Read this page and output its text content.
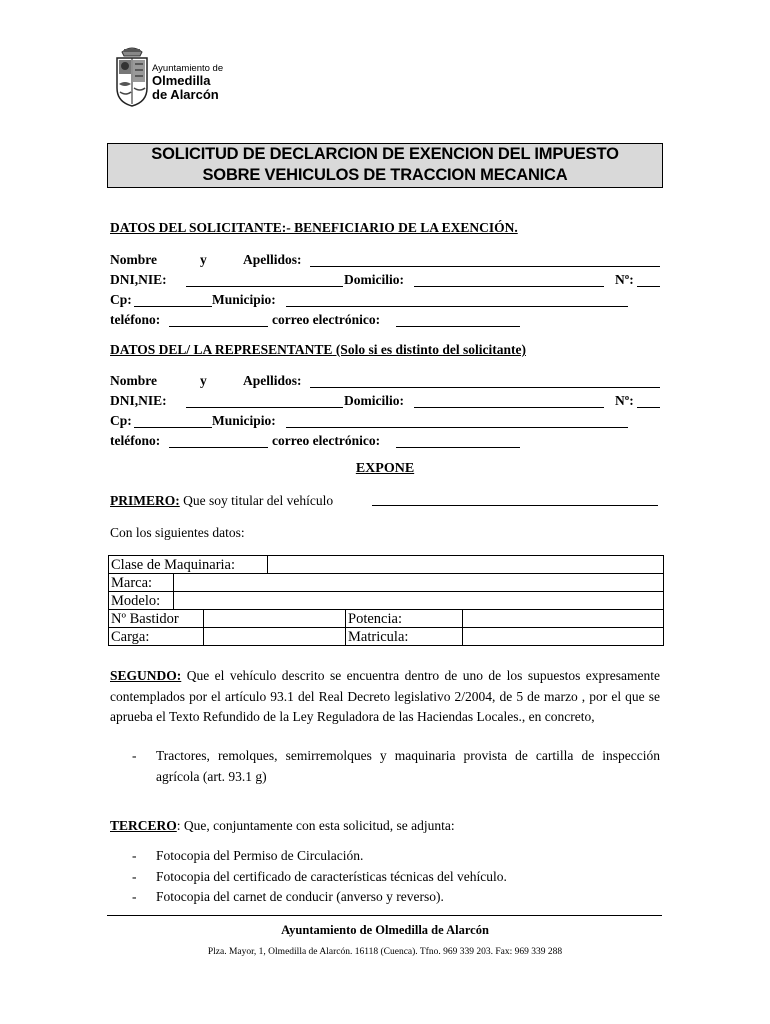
Ayuntamiento de
Olmedilla
de Alarcón
SOLICITUD DE DECLARCION DE EXENCION DEL IMPUESTO
SOBRE VEHICULOS DE TRACCION MECANICA
DATOS DEL SOLICITANTE:- BENEFICIARIO DE LA EXENCIÓN.
Nombre	y	Apellidos:
DNI,NIE:	Domicilio:	Nº:
Cp:	Municipio:
teléfono:	correo electrónico:
DATOS DEL/ LA REPRESENTANTE (Solo si es distinto del solicitante)
Nombre	y	Apellidos:
DNI,NIE:	Domicilio:	Nº:
Cp:	Municipio:
teléfono:	correo electrónico:
EXPONE
PRIMERO: Que soy titular del vehículo
Con los siguientes datos:
Clase de Maquinaria:					
Marca:					
Modelo:					
Nº Bastidor				Potencia:	
Carga:				Matricula:	
SEGUNDO: Que el vehículo descrito se encuentra dentro de uno de los supuestos expresamente contemplados por el artículo 93.1 del Real Decreto legislativo 2/2004, de 5 de marzo , por el que se aprueba el Texto Refundido de la Ley Reguladora de las Haciendas Locales., en concreto,
- Tractores, remolques, semirremolques y maquinaria provista de cartilla de inspección agrícola (art. 93.1 g)
TERCERO: Que, conjuntamente con esta solicitud, se adjunta:
- Fotocopia del Permiso de Circulación.
- Fotocopia del certificado de características técnicas del vehículo.
- Fotocopia del carnet de conducir (anverso y reverso).
Ayuntamiento de Olmedilla de Alarcón
Plza. Mayor, 1, Olmedilla de Alarcón. 16118 (Cuenca). Tfno. 969 339 203. Fax: 969 339 288
